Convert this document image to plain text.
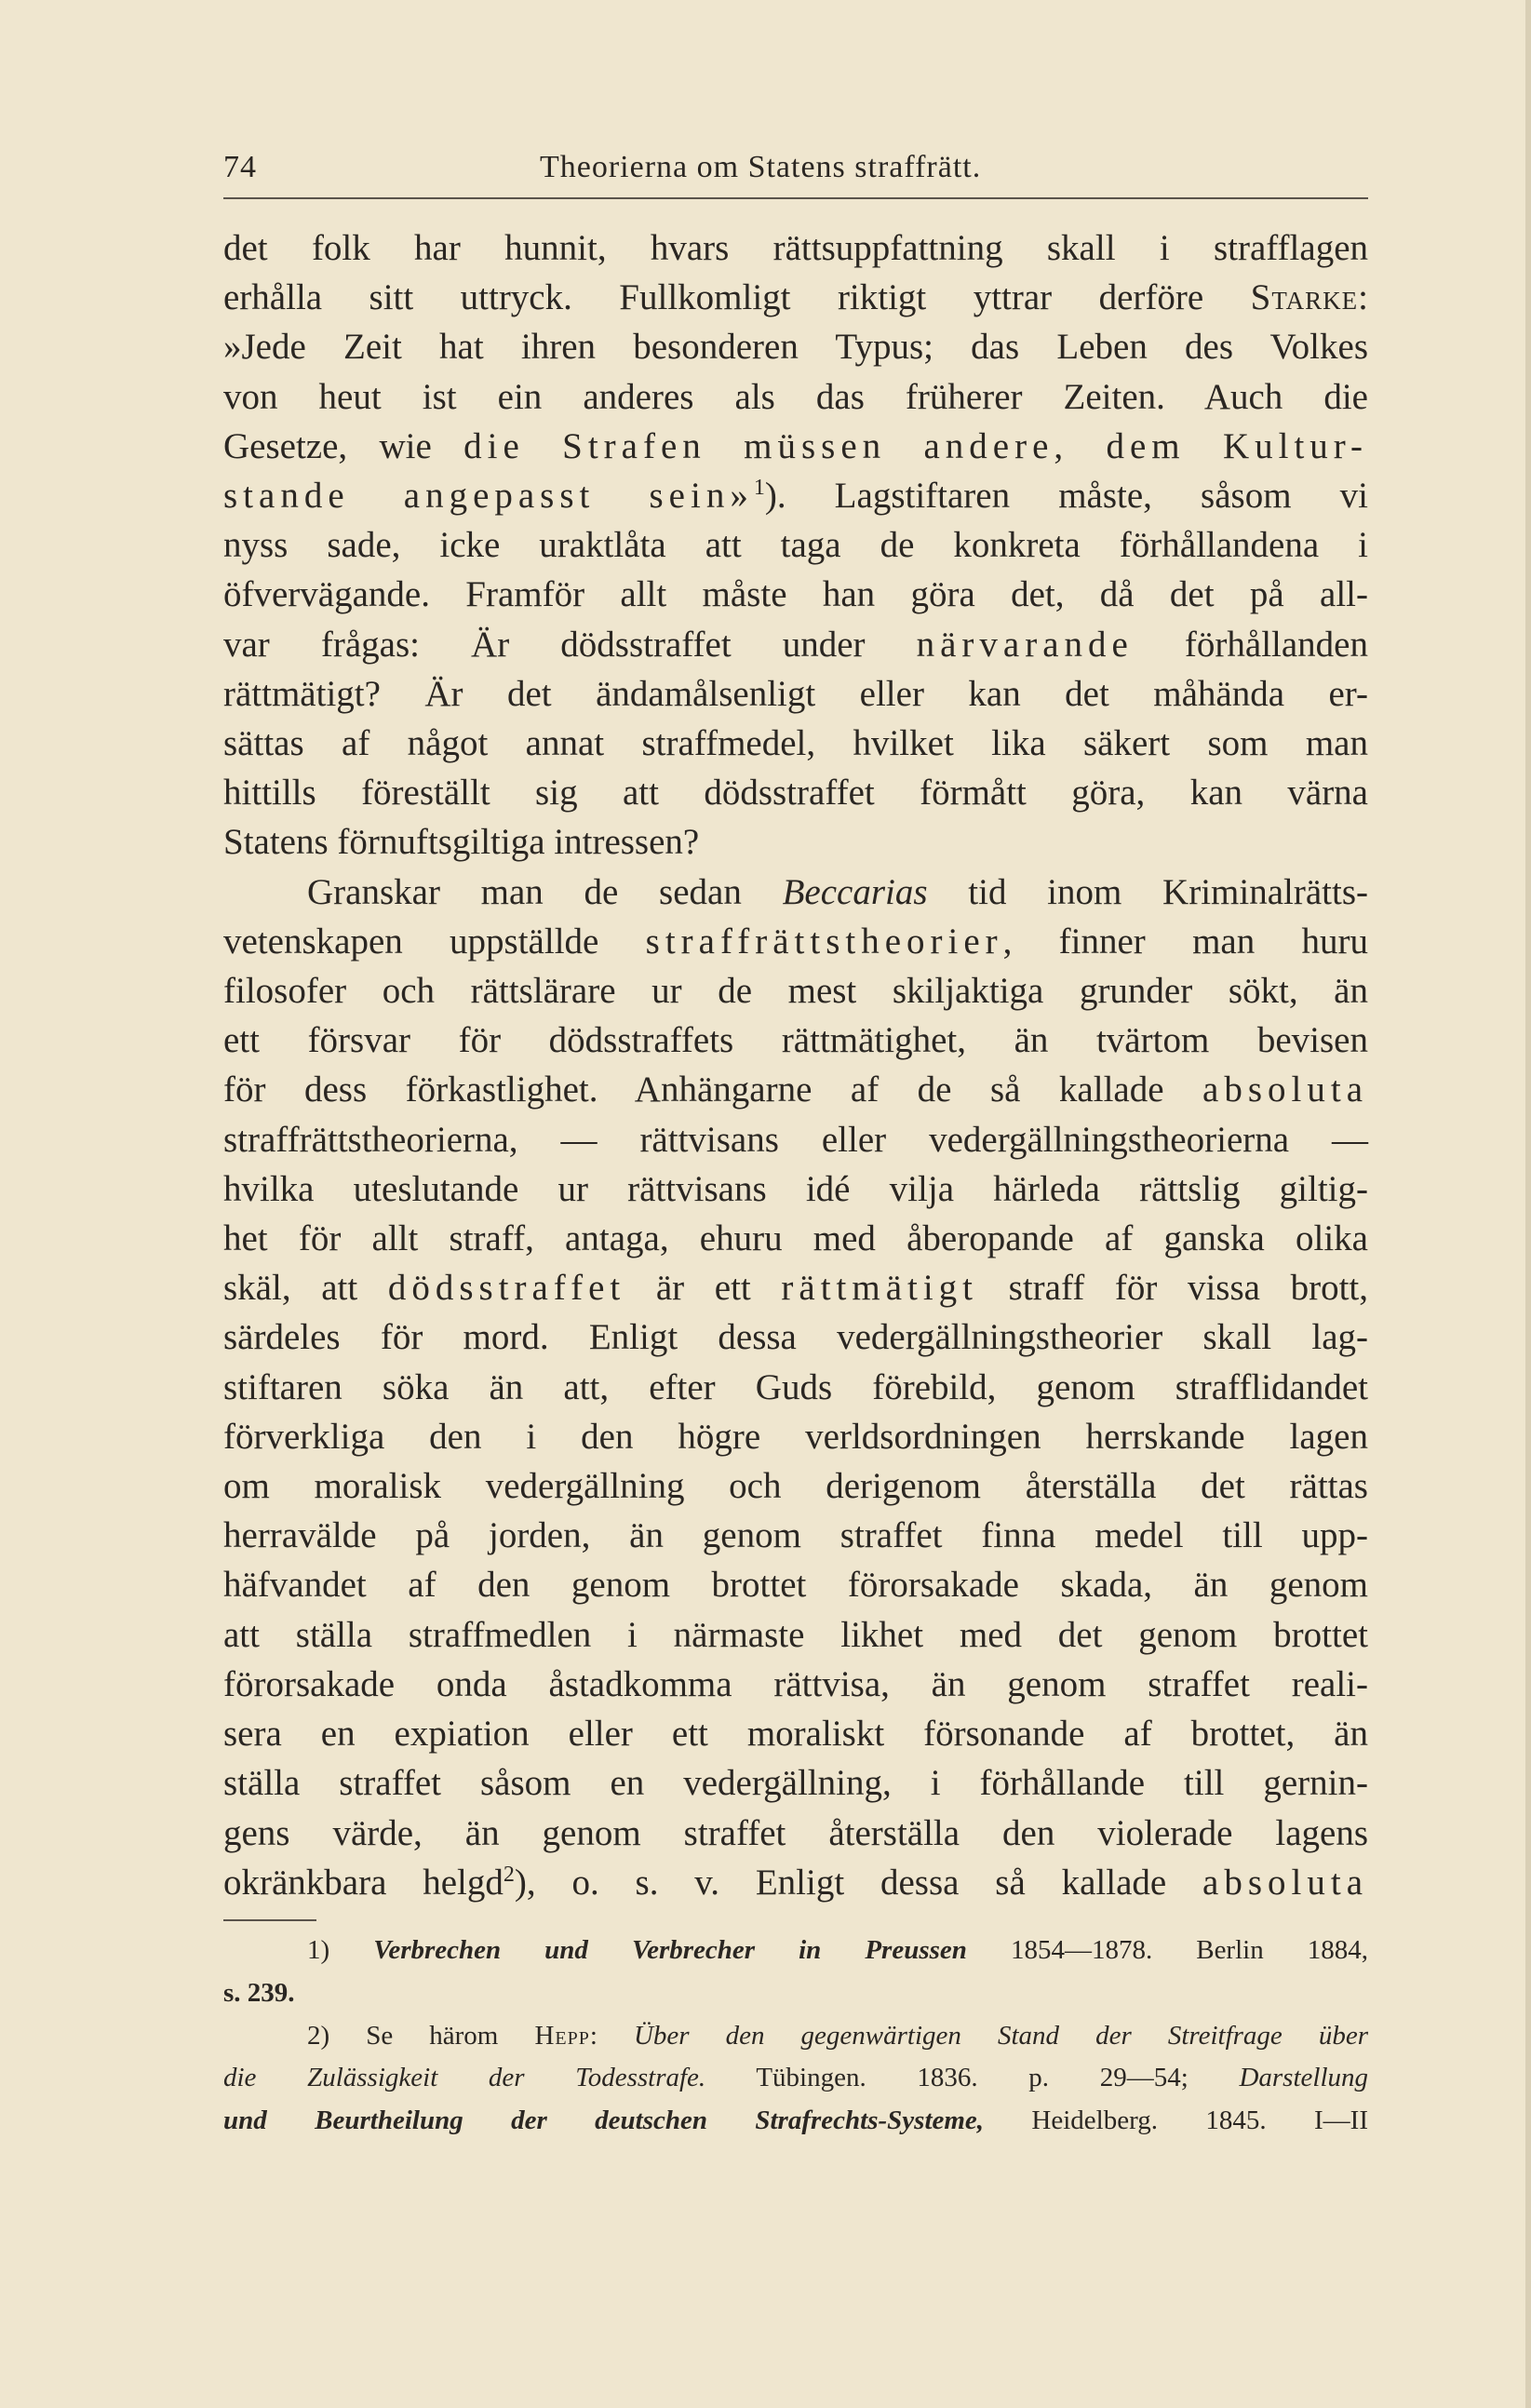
74	Theorierna om Statens straffrätt.
det folk har hunnit, hvars rättsuppfattning skall i strafflagen
erhålla sitt uttryck. Fullkomligt riktigt yttrar derföre Starke:
»Jede Zeit hat ihren besonderen Typus; das Leben des Volkes
von heut ist ein anderes als das früherer Zeiten. Auch die
Gesetze, wie die Strafen müssen andere, dem Kultur-
stande angepasst sein»$^1$). Lagstiftaren måste, såsom vi
nyss sade, icke uraktlåta att taga de konkreta förhållandena i
öfvervägande. Framför allt måste han göra det, då det på all-
var frågas: Är dödsstraffet under närvarande förhållanden
rättmätigt? Är det ändamålsenligt eller kan det måhända er-
sättas af något annat straffmedel, hvilket lika säkert som man
hittills föreställt sig att dödsstraffet förmått göra, kan värna
Statens förnuftsgiltiga intressen?
Granskar man de sedan Beccarias tid inom Kriminalrätts-
vetenskapen uppställde straffrättstheorier, finner man huru
filosofer och rättslärare ur de mest skiljaktiga grunder sökt, än
ett försvar för dödsstraffets rättmätighet, än tvärtom bevisen
för dess förkastlighet. Anhängarne af de så kallade absoluta
straffrättstheorierna, — rättvisans eller vedergällningstheorierna —
hvilka uteslutande ur rättvisans idé vilja härleda rättslig giltig-
het för allt straff, antaga, ehuru med åberopande af ganska olika
skäl, att dödsstraffet är ett rättmätigt straff för vissa brott,
särdeles för mord. Enligt dessa vedergällningstheorier skall lag-
stiftaren söka än att, efter Guds förebild, genom strafflidandet
förverkliga den i den högre verldsordningen herrskande lagen
om moralisk vedergällning och derigenom återställa det rättas
herravälde på jorden, än genom straffet finna medel till upp-
häfvandet af den genom brottet förorsakade skada, än genom
att ställa straffmedlen i närmaste likhet med det genom brottet
förorsakade onda åstadkomma rättvisa, än genom straffet reali-
sera en expiation eller ett moraliskt försonande af brottet, än
ställa straffet såsom en vedergällning, i förhållande till gernin-
gens värde, än genom straffet återställa den violerade lagens
okränkbara helgd$^2$), o. s. v. Enligt dessa så kallade absoluta
1) Verbrechen und Verbrecher in Preussen 1854—1878. Berlin 1884,
s. 239.
2) Se härom Hepp: Über den gegenwärtigen Stand der Streitfrage über
die Zulässigkeit der Todesstrafe. Tübingen. 1836. p. 29—54; Darstellung
und Beurtheilung der deutschen Strafrechts-Systeme, Heidelberg. 1845. I—II
